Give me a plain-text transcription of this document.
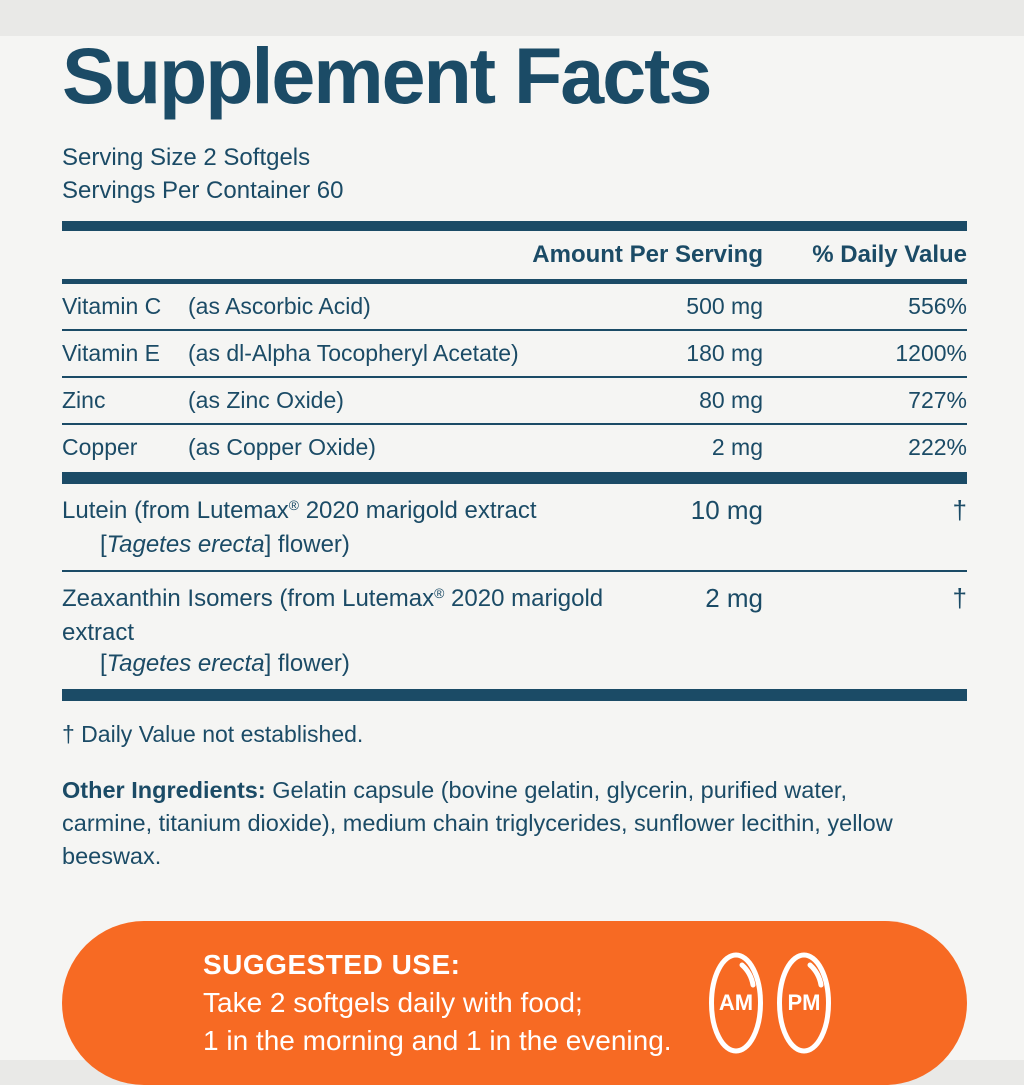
Supplement Facts
Serving Size 2 Softgels
Servings Per Container 60
Amount Per Serving	% Daily Value
Vitamin C	(as Ascorbic Acid)	500 mg	556%
Vitamin E	(as dl-Alpha Tocopheryl Acetate)	180 mg	1200%
Zinc	(as Zinc Oxide)	80 mg	727%
Copper	(as Copper Oxide)	2 mg	222%
Lutein (from Lutemax® 2020 marigold extract
[Tagetes erecta] flower)
10 mg	†
Zeaxanthin Isomers (from Lutemax® 2020 marigold extract
[Tagetes erecta] flower)
2 mg	†
† Daily Value not established.
Other Ingredients: Gelatin capsule (bovine gelatin, glycerin, purified water, carmine, titanium dioxide), medium chain triglycerides, sunflower lecithin, yellow beeswax.
SUGGESTED USE:
Take 2 softgels daily with food;
1 in the morning and 1 in the evening.
AM PM
